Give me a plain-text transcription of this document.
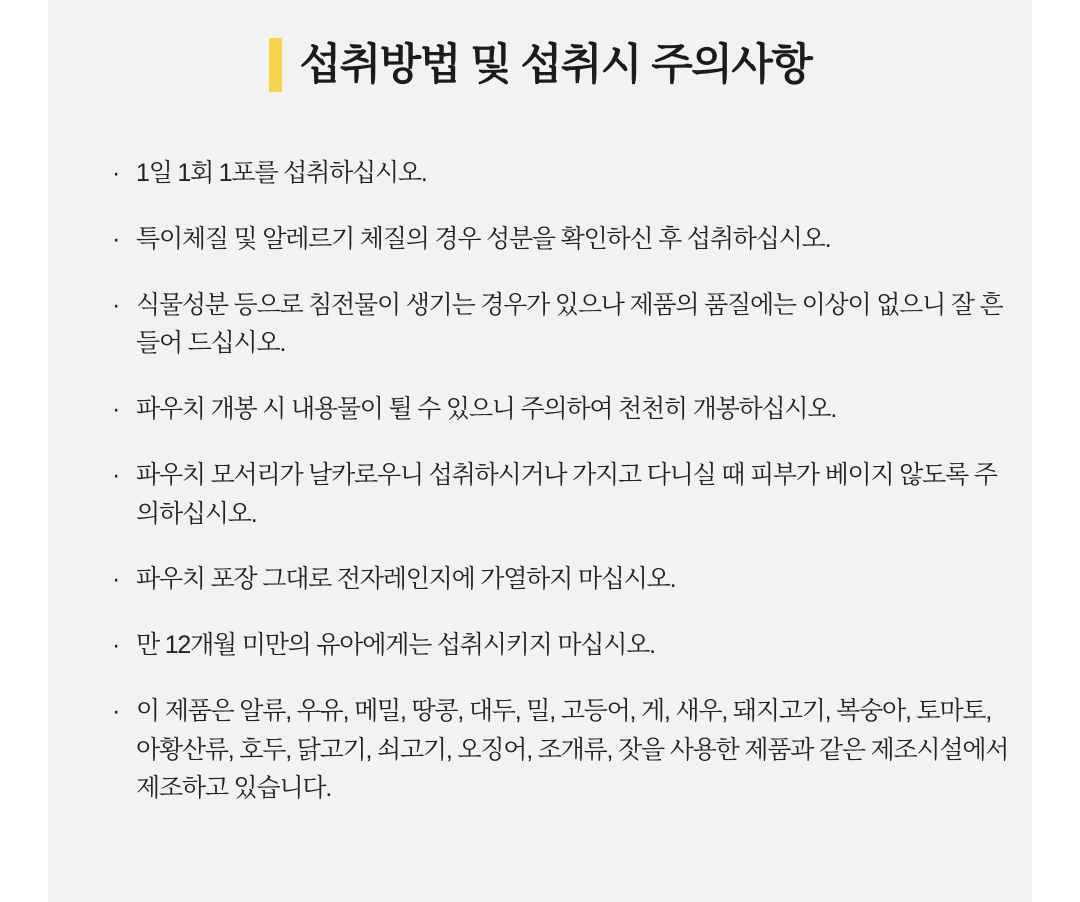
섭취방법 및 섭취시 주의사항
· 1일 1회 1포를 섭취하십시오.
· 특이체질 및 알레르기 체질의 경우 성분을 확인하신 후 섭취하십시오.
· 식물성분 등으로 침전물이 생기는 경우가 있으나 제품의 품질에는 이상이 없으니 잘 흔들어 드십시오.
· 파우치 개봉 시 내용물이 튈 수 있으니 주의하여 천천히 개봉하십시오.
· 파우치 모서리가 날카로우니 섭취하시거나 가지고 다니실 때 피부가 베이지 않도록 주의하십시오.
· 파우치 포장 그대로 전자레인지에 가열하지 마십시오.
· 만 12개월 미만의 유아에게는 섭취시키지 마십시오.
· 이 제품은 알류, 우유, 메밀, 땅콩, 대두, 밀, 고등어, 게, 새우, 돼지고기, 복숭아, 토마토, 아황산류, 호두, 닭고기, 쇠고기, 오징어, 조개류, 잣을 사용한 제품과 같은 제조시설에서 제조하고 있습니다.
